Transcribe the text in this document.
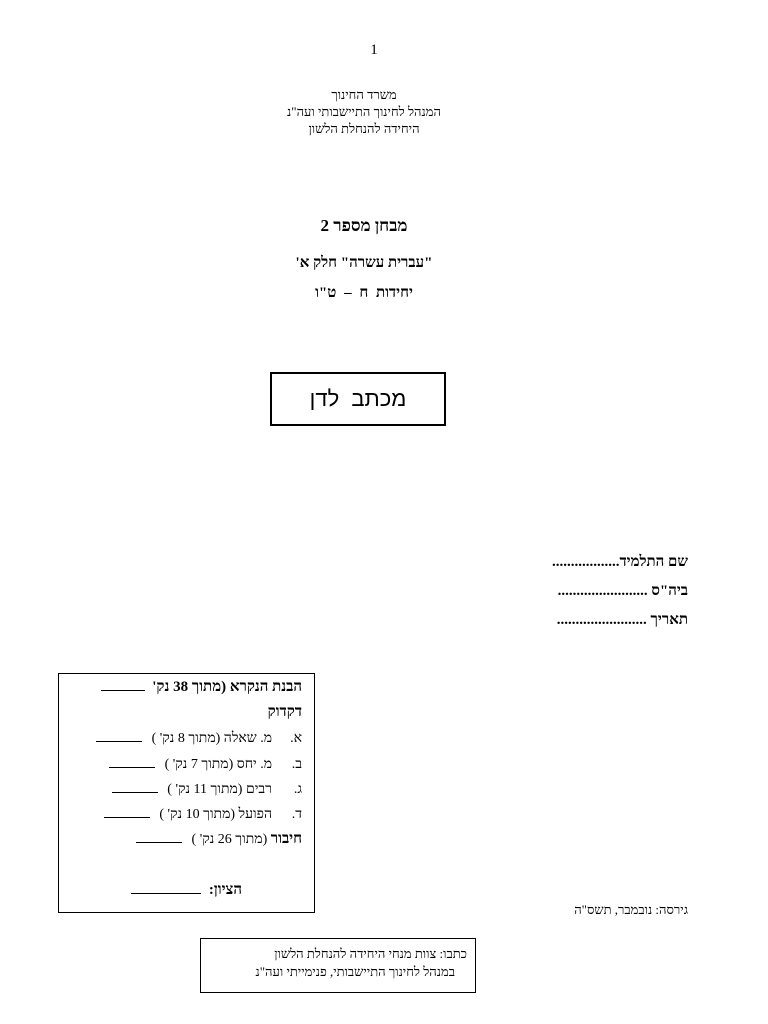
1
משרד החינוך
המנהל לחינוך התיישבותי ועה"נ
היחידה להנחלת הלשון
מבחן מספר 2
"עברית עשרה" חלק א'
יחידות ח – ט"ו
מכתב לדן
שם התלמיד..................
ביה"ס ........................
תאריך ........................
הבנת הנקרא (מתוך 38 נק'
דקדוק
א.מ. שאלה (מתוך 8 נק' )
ב.מ. יחס (מתוך 7 נק' )
ג.רבים (מתוך 11 נק' )
ד.הפועל (מתוך 10 נק' )
חיבור (מתוך 26 נק' )
הציון:
גירסה: נובמבר, תשס"ה
כתבו: צוות מנחי היחידה להנחלת הלשון
במנהל לחינוך התיישבותי, פנימייתי ועה"נ
